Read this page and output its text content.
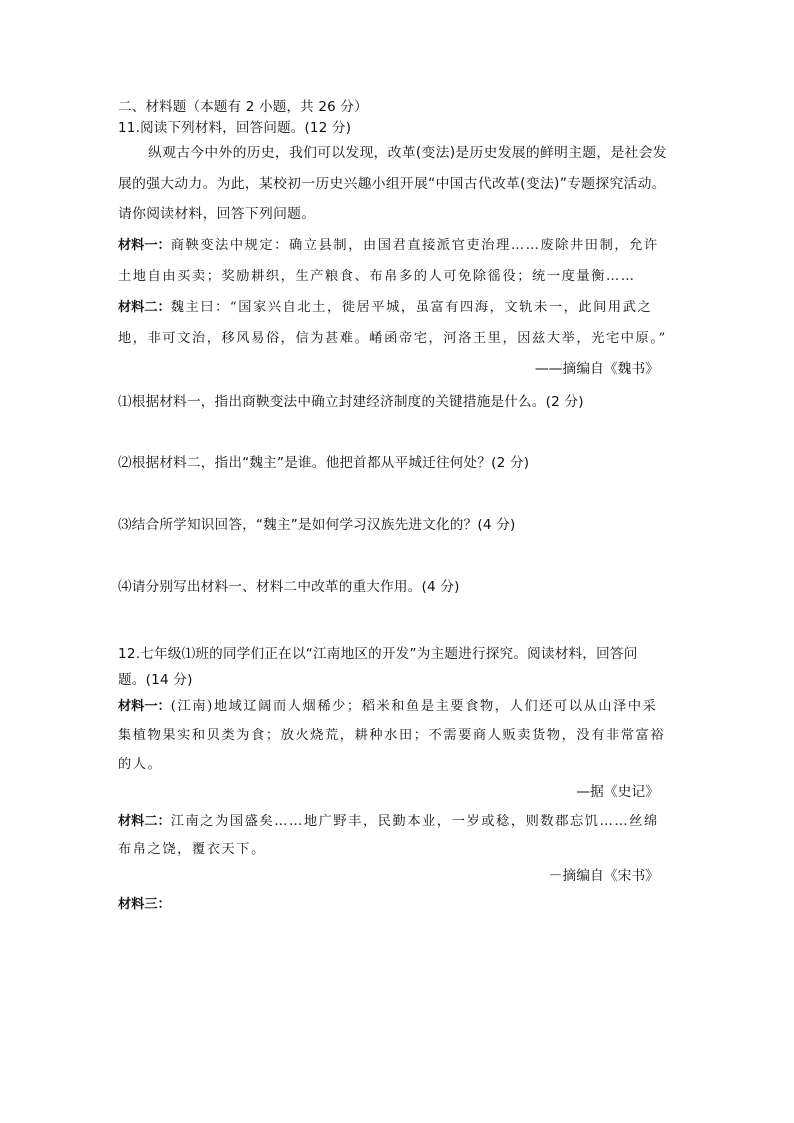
二、材料题（本题有 2 小题，共 26 分）
11.阅读下列材料，回答问题。(12 分)
纵观古今中外的历史，我们可以发现，改革(变法)是历史发展的鲜明主题，是社会发
展的强大动力。为此，某校初一历史兴趣小组开展“中国古代改革(变法)”专题探究活动。
请你阅读材料，回答下列问题。
材料一：商鞅变法中规定：确立县制，由国君直接派官吏治理……废除井田制，允许
土地自由买卖；奖励耕织，生产粮食、布帛多的人可免除徭役；统一度量衡……
材料二：魏主曰：“国家兴自北土，徙居平城，虽富有四海，文轨未一，此间用武之
地，非可文治，移风易俗，信为甚难。崤函帝宅，河洛王里，因兹大举，光宅中原。”
——摘编自《魏书》
⑴根据材料一，指出商鞅变法中确立封建经济制度的关键措施是什么。(2 分)
⑵根据材料二，指出“魏主”是谁。他把首都从平城迁往何处？(2 分)
⑶结合所学知识回答，“魏主”是如何学习汉族先进文化的？(4 分)
⑷请分别写出材料一、材料二中改革的重大作用。(4 分)
12.七年级⑴班的同学们正在以“江南地区的开发”为主题进行探究。阅读材料，回答问
题。(14 分)
材料一：(江南)地域辽阔而人烟稀少；稻米和鱼是主要食物，人们还可以从山泽中采
集植物果实和贝类为食；放火烧荒，耕种水田；不需要商人贩卖货物，没有非常富裕
的人。
—据《史记》
材料二：江南之为国盛矣……地广野丰，民勤本业，一岁或稔，则数郡忘饥……丝绵
布帛之饶，覆衣天下。
－摘编自《宋书》
材料三：
